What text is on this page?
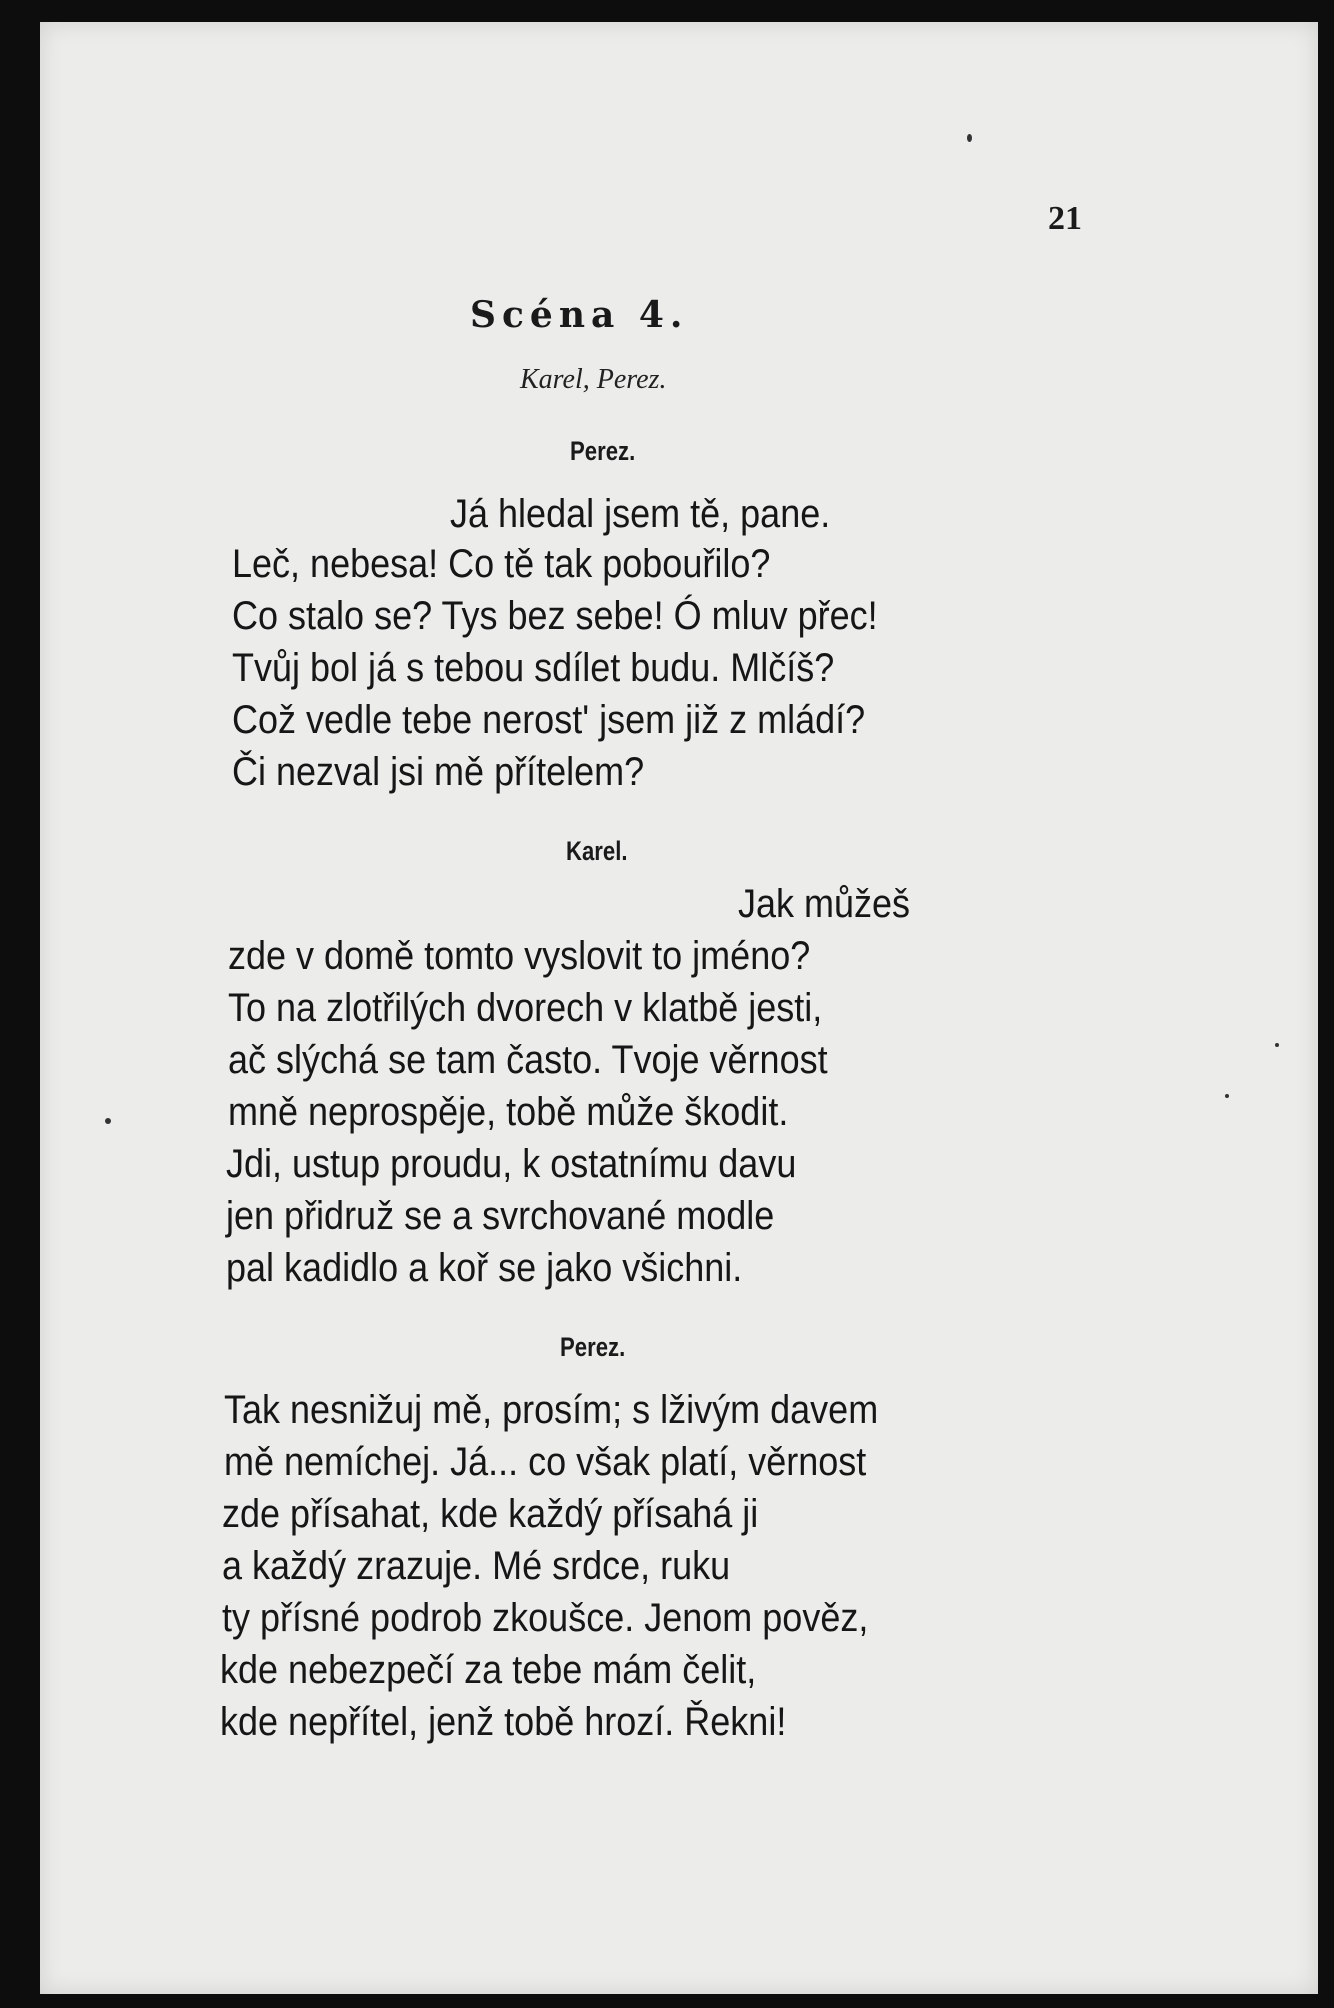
21
Scéna 4.
Karel, Perez.
Perez.
Já hledal jsem tě, pane.
Leč, nebesa! Co tě tak pobouřilo?
Co stalo se? Tys bez sebe! Ó mluv přec!
Tvůj bol já s tebou sdílet budu. Mlčíš?
Což vedle tebe nerost' jsem již z mládí?
Či nezval jsi mě přítelem?
Karel.
Jak můžeš
zde v domě tomto vyslovit to jméno?
To na zlotřilých dvorech v klatbě jesti,
ač slýchá se tam často. Tvoje věrnost
mně neprospěje, tobě může škodit.
Jdi, ustup proudu, k ostatnímu davu
jen přidruž se a svrchované modle
pal kadidlo a koř se jako všichni.
Perez.
Tak nesnižuj mě, prosím; s lživým davem
mě nemíchej. Já... co však platí, věrnost
zde přísahat, kde každý přísahá ji
a každý zrazuje. Mé srdce, ruku
ty přísné podrob zkoušce. Jenom pověz,
kde nebezpečí za tebe mám čelit,
kde nepřítel, jenž tobě hrozí. Řekni!
